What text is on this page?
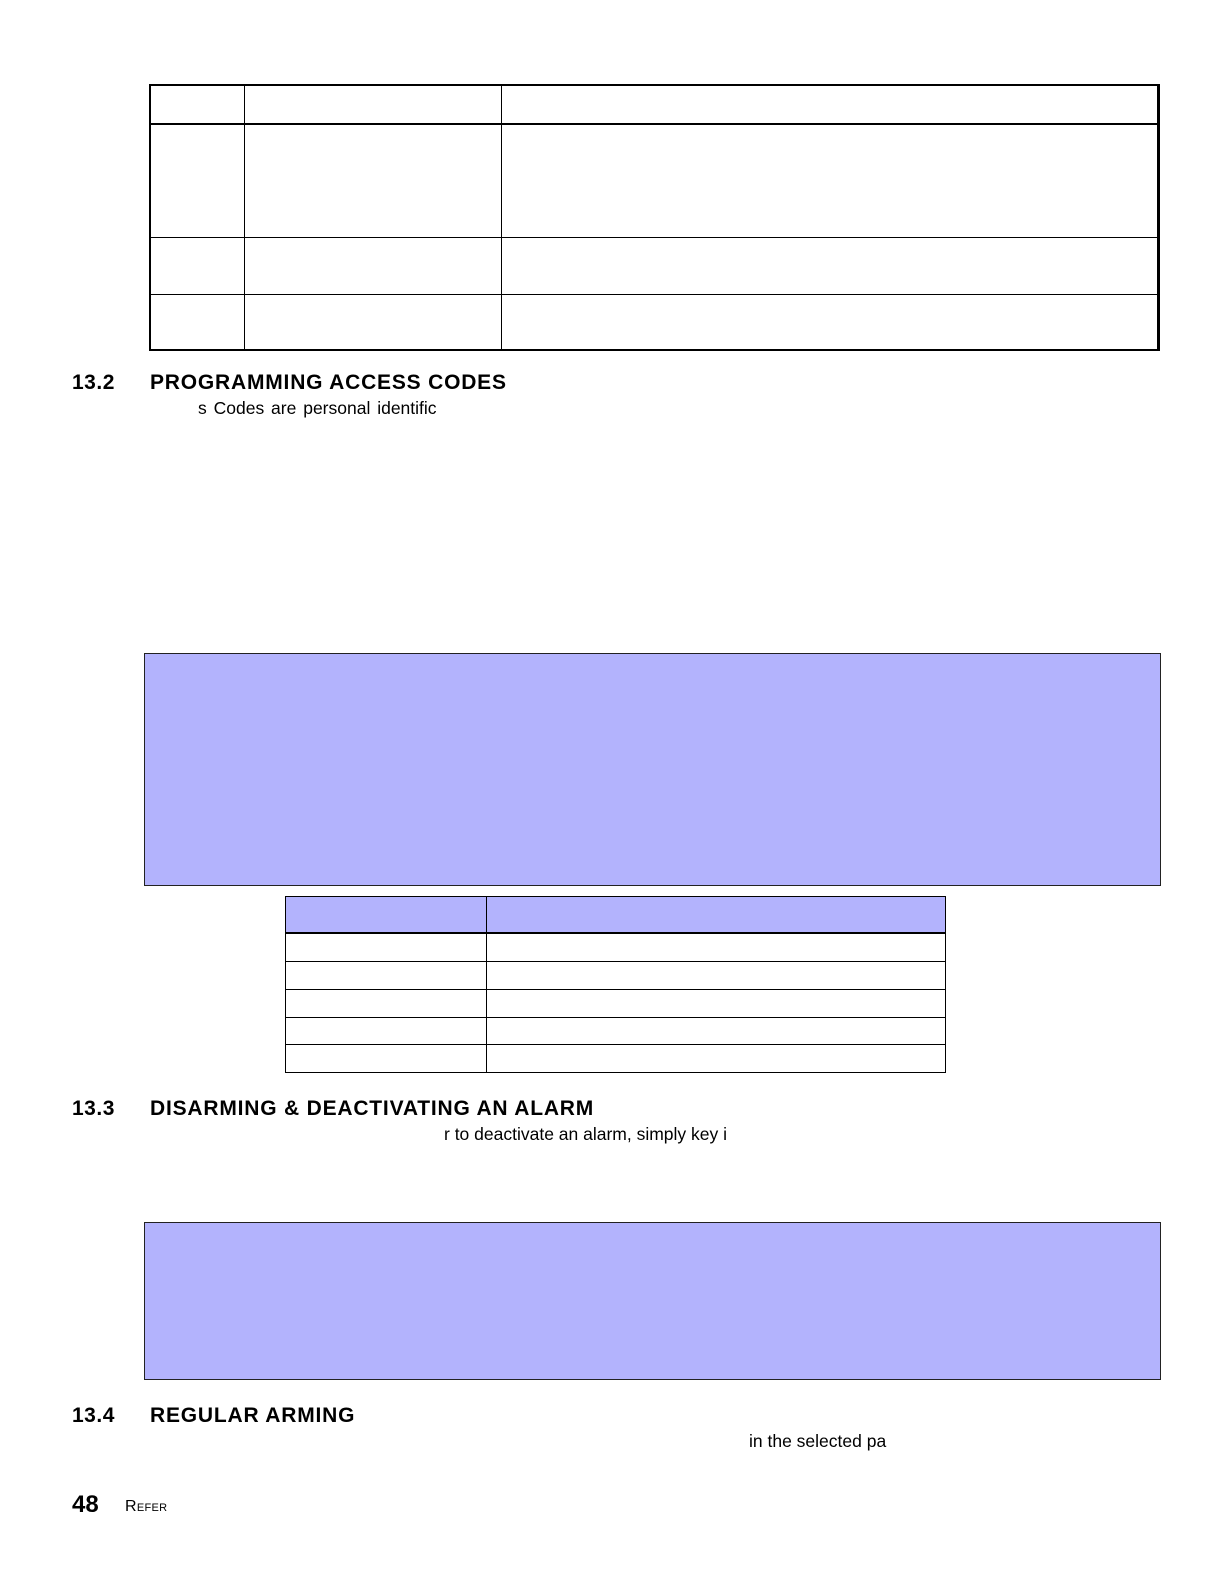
13.2 PROGRAMMING ACCESS CODES
s Codes are personal identific
13.3 DISARMING & DEACTIVATING AN ALARM
r to deactivate an alarm, simply key i
13.4 REGULAR ARMING
in the selected pa
48 Refer
